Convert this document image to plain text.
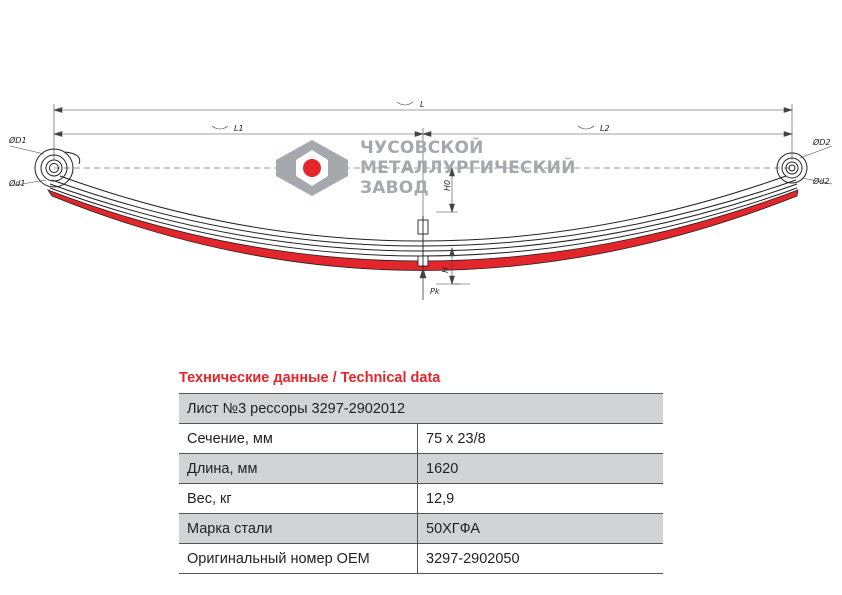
L
L1	L2
ØD1
Ød1
ØD2
Ød2
H0
H
Pk
ЧУСОВСКОЙ
МЕТАЛЛУРГИЧЕСКИЙ
ЗАВОД
Технические данные / Technical data
Лист №3 рессоры 3297-2902012	
Сечение, мм	75 x 23/8
Длина, мм	1620
Вес, кг	12,9
Марка стали	50ХГФА
Оригинальный номер OEM	3297-2902050
